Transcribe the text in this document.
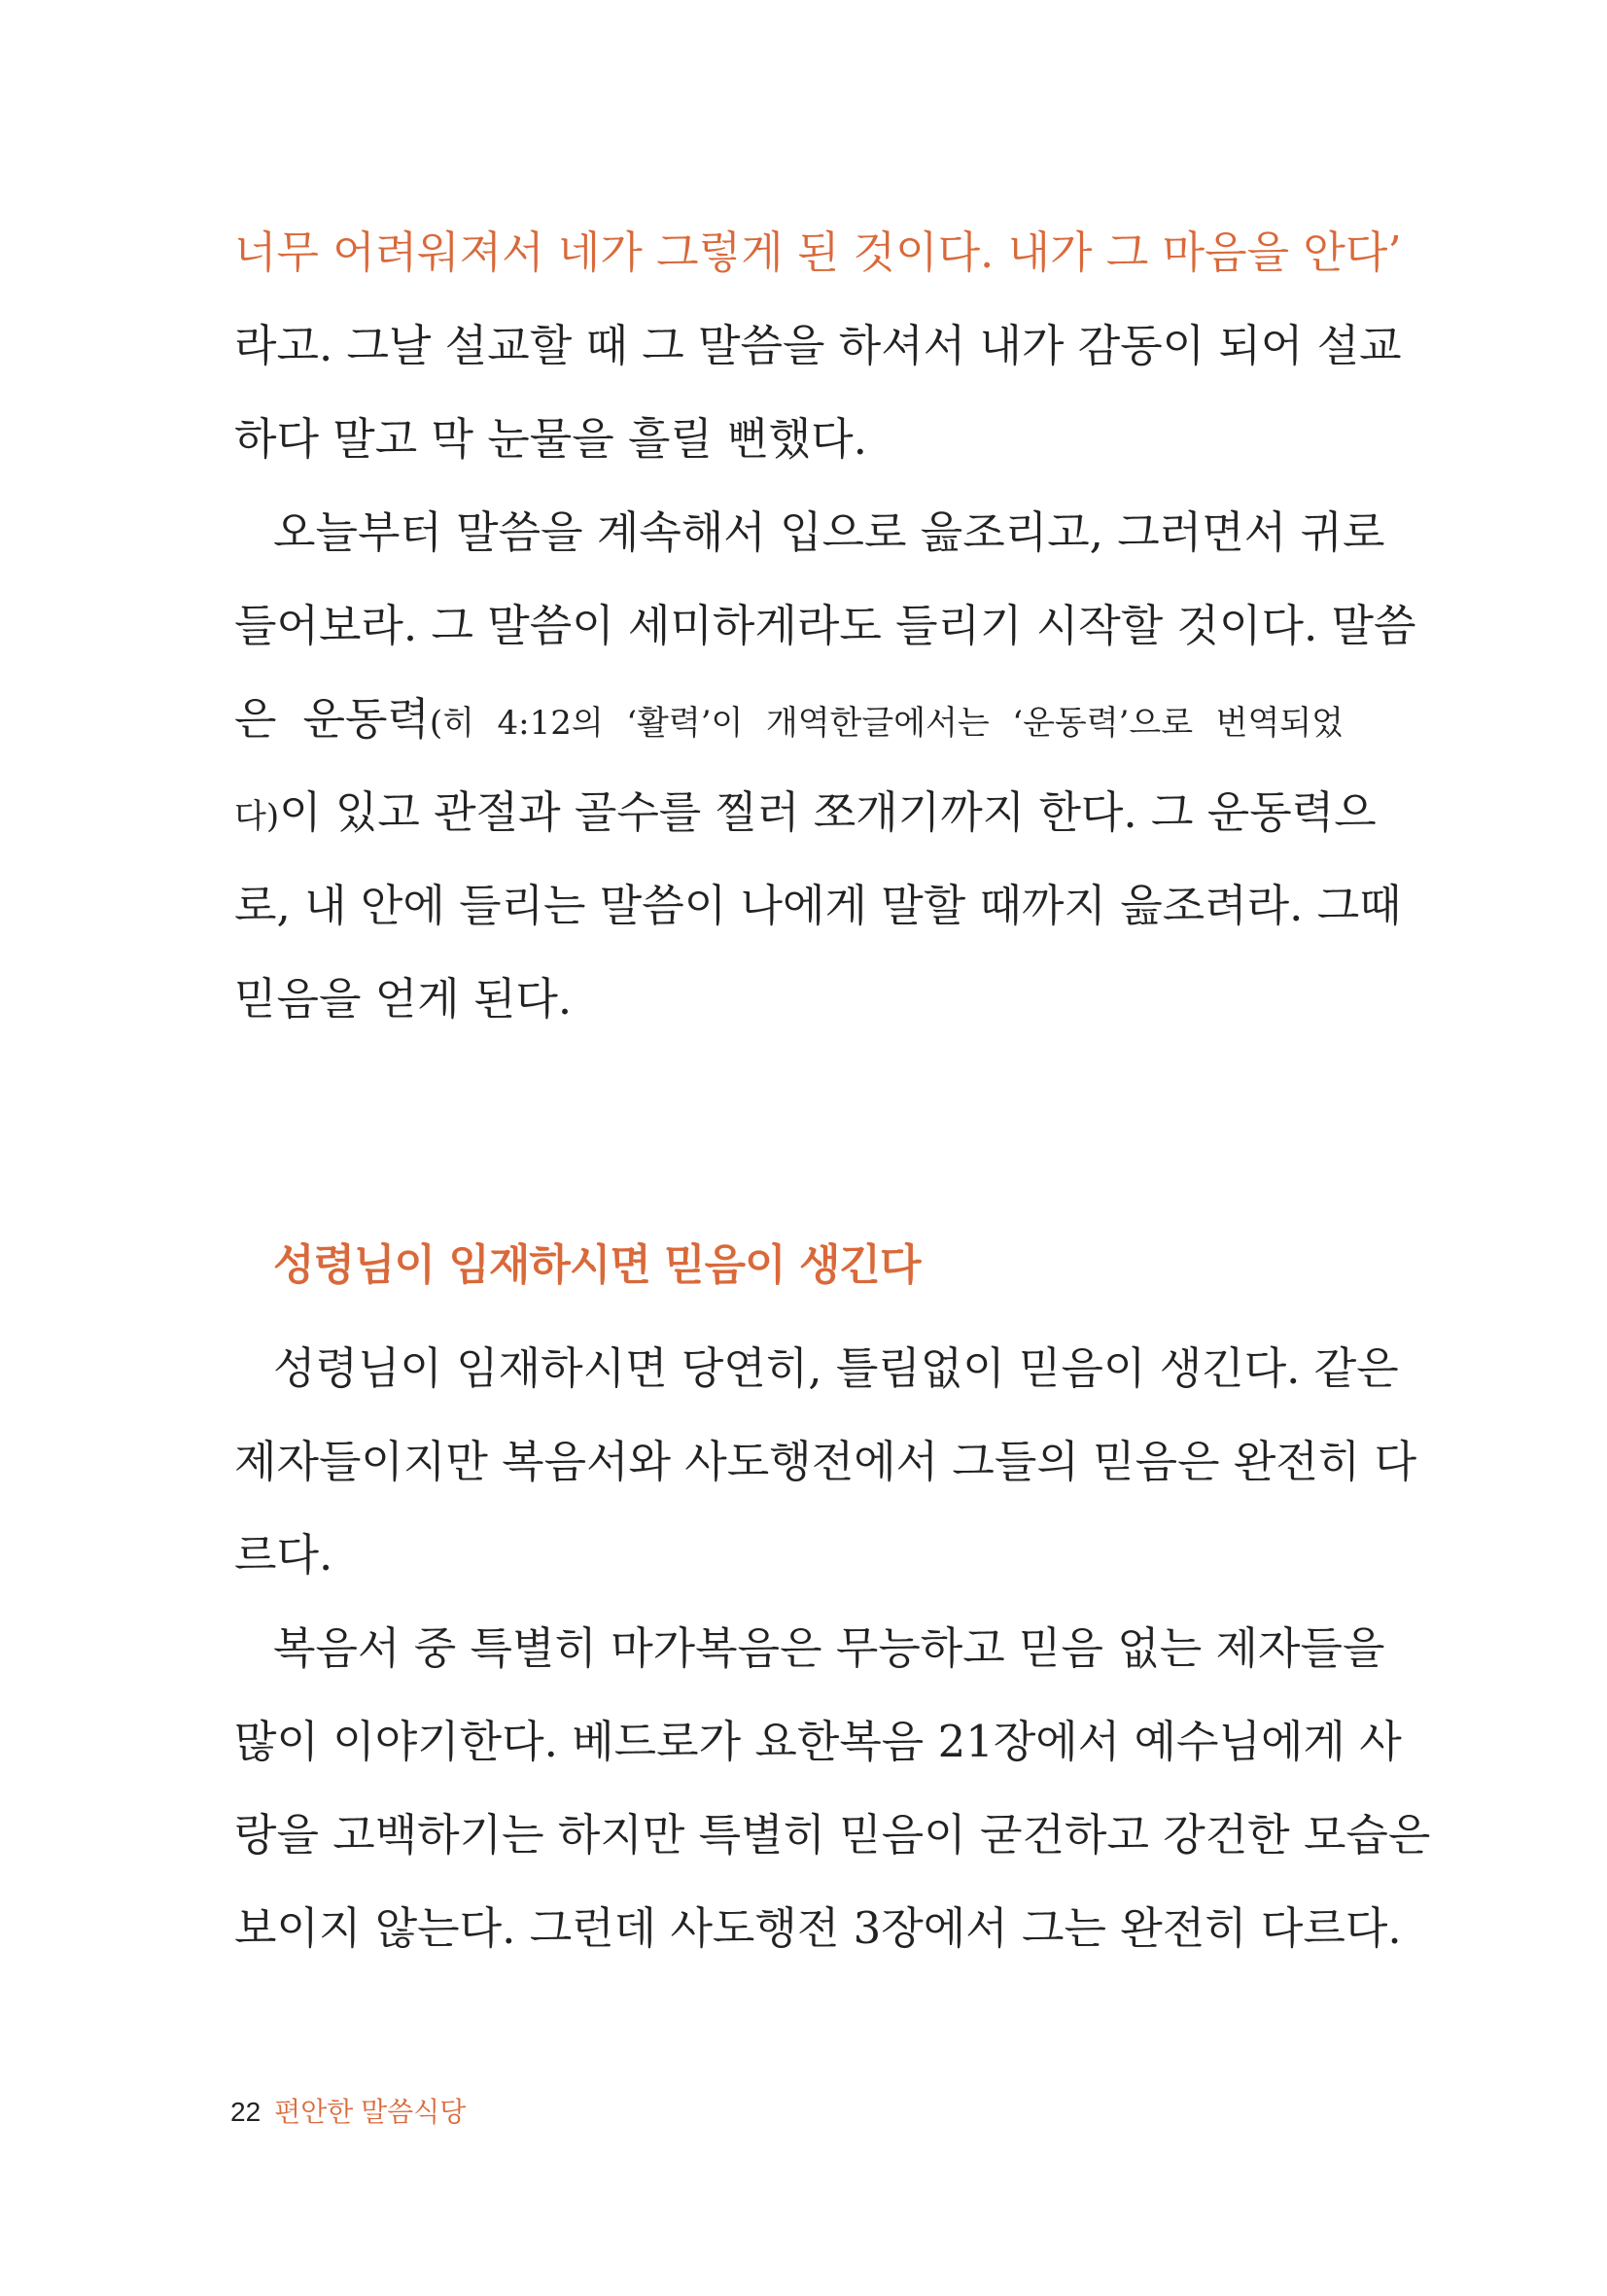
너무 어려워져서 네가 그렇게 된 것이다. 내가 그 마음을 안다’
라고. 그날 설교할 때 그 말씀을 하셔서 내가 감동이 되어 설교
하다 말고 막 눈물을 흘릴 뻔했다.
오늘부터 말씀을 계속해서 입으로 읊조리고, 그러면서 귀로
들어보라. 그 말씀이 세미하게라도 들리기 시작할 것이다. 말씀
은 운동력(히 4:12의 ‘활력’이 개역한글에서는 ‘운동력’으로 번역되었
다)이 있고 관절과 골수를 찔러 쪼개기까지 한다. 그 운동력으
로, 내 안에 들리는 말씀이 나에게 말할 때까지 읊조려라. 그때
믿음을 얻게 된다.
성령님이 임재하시면 믿음이 생긴다
성령님이 임재하시면 당연히, 틀림없이 믿음이 생긴다. 같은
제자들이지만 복음서와 사도행전에서 그들의 믿음은 완전히 다
르다.
복음서 중 특별히 마가복음은 무능하고 믿음 없는 제자들을
많이 이야기한다. 베드로가 요한복음 21장에서 예수님에게 사
랑을 고백하기는 하지만 특별히 믿음이 굳건하고 강건한 모습은
보이지 않는다. 그런데 사도행전 3장에서 그는 완전히 다르다.
22 편안한 말씀식당
